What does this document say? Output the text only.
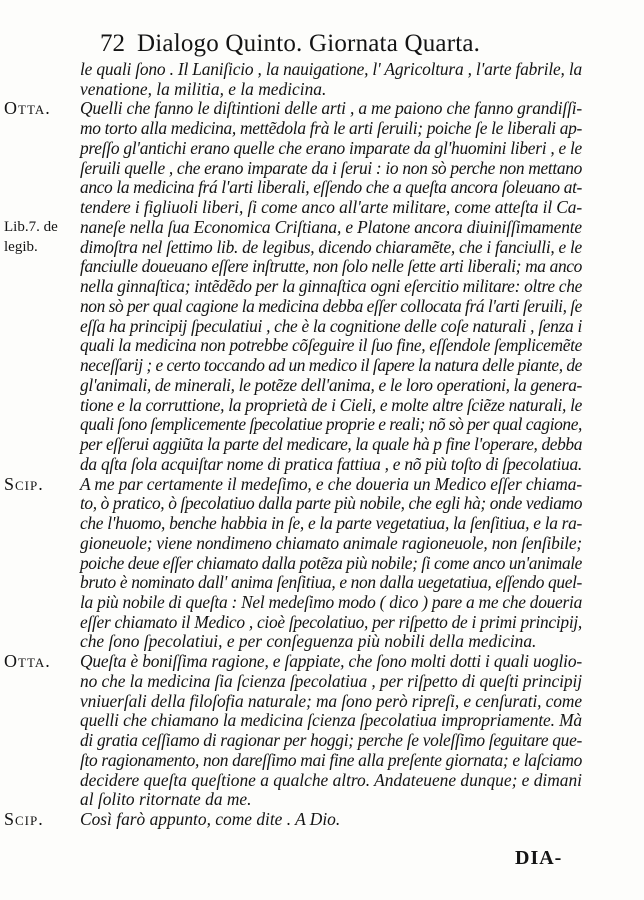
72 Dialogo Quinto. Giornata Quarta.
le quali ſono . Il Laniſicio , la nauigatione, l' Agricoltura , l'arte fabrile, la
venatione, la militia, e la medicina.
Otta. Quelli che fanno le diſtintioni delle arti , a me paiono che fanno grandiſſi-
mo torto alla medicina, mettẽdola frà le arti ſeruili; poiche ſe le liberali ap-
preſſo gl'antichi erano quelle che erano imparate da gl'huomini liberi , e le
ſeruili quelle , che erano imparate da i ſerui : io non sò perche non mettano
anco la medicina frá l'arti liberali, eſſendo che a queſta ancora ſoleuano at-
tendere i figliuoli liberi, ſi come anco all'arte militare, come atteſta il Ca-
Lib.7. de naneſe nella ſua Economica Criſtiana, e Platone ancora diuiniſſimamente
legib. dimoſtra nel ſettimo lib. de legibus, dicendo chiaramẽte, che i fanciulli, e le
fanciulle doueuano eſſere inſtrutte, non ſolo nelle ſette arti liberali; ma anco
nella ginnaſtica; intẽdẽdo per la ginnaſtica ogni eſercitio militare: oltre che
non sò per qual cagione la medicina debba eſſer collocata frá l'arti ſeruili, ſe
eſſa ha principij ſpeculatiui , che è la cognitione delle coſe naturali , ſenza i
quali la medicina non potrebbe cõſeguire il ſuo fine, eſſendole ſemplicemẽte
neceſſarij ; e certo toccando ad un medico il ſapere la natura delle piante, de
gl'animali, de minerali, le potẽze dell'anima, e le loro operationi, la genera-
tione e la corruttione, la proprietà de i Cieli, e molte altre ſciẽze naturali, le
quali ſono ſemplicemente ſpecolatiue proprie e reali; nõ sò per qual cagione,
per eſſerui aggiũta la parte del medicare, la quale hà p fine l'operare, debba
da qſta ſola acquiſtar nome di pratica fattiua , e nõ più toſto di ſpecolatiua.
Scip. A me par certamente il medeſimo, e che doueria un Medico eſſer chiama-
to, ò pratico, ò ſpecolatiuo dalla parte più nobile, che egli hà; onde vediamo
che l'huomo, benche habbia in ſe, e la parte vegetatiua, la ſenſitiua, e la ra-
gioneuole; viene nondimeno chiamato animale ragioneuole, non ſenſibile;
poiche deue eſſer chiamato dalla potẽza più nobile; ſi come anco un'animale
bruto è nominato dall' anima ſenſitiua, e non dalla uegetatiua, eſſendo quel-
la più nobile di queſta : Nel medeſimo modo ( dico ) pare a me che doueria
eſſer chiamato il Medico , cioè ſpecolatiuo, per riſpetto de i primi principij,
che ſono ſpecolatiui, e per conſeguenza più nobili della medicina.
Otta. Queſta è boniſſima ragione, e ſappiate, che ſono molti dotti i quali uoglio-
no che la medicina ſia ſcienza ſpecolatiua , per riſpetto di queſti principij
vniuerſali della filoſofia naturale; ma ſono però ripreſi, e cenſurati, come
quelli che chiamano la medicina ſcienza ſpecolatiua impropriamente. Mà
di gratia ceſſiamo di ragionar per hoggi; perche ſe voleſſimo ſeguitare que-
ſto ragionamento, non dareſſimo mai fine alla preſente giornata; e laſciamo
decidere queſta queſtione a qualche altro. Andateuene dunque; e dimani
al ſolito ritornate da me.
Scip. Così farò appunto, come dite . A Dio.
DIA-
